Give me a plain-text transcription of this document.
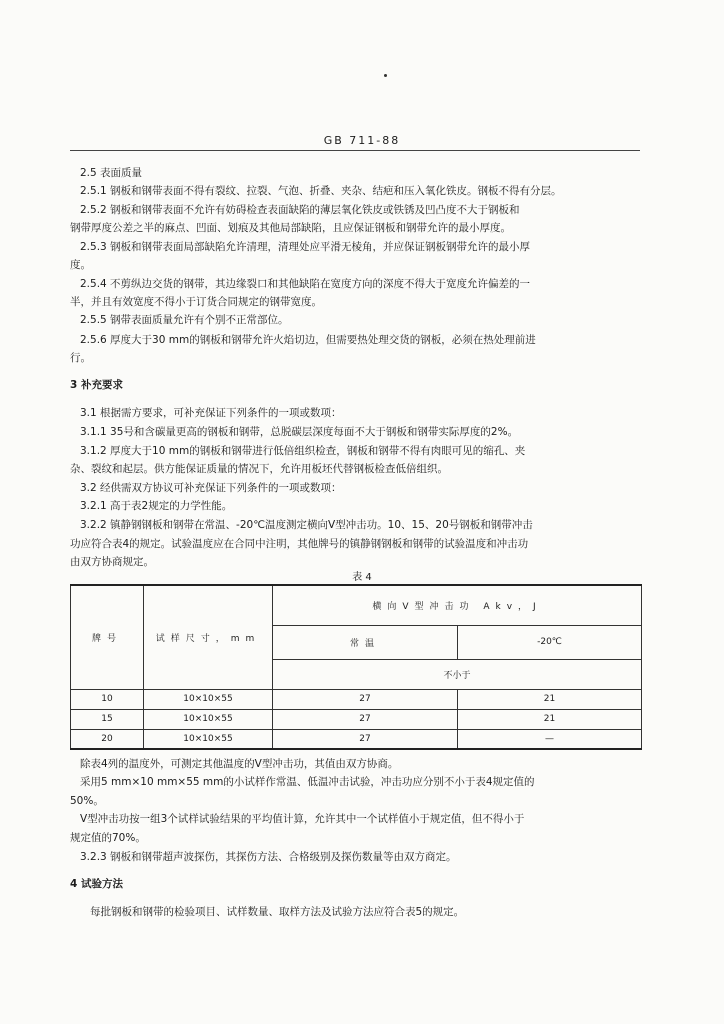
GB 711-88
2.5 表面质量
2.5.1 钢板和钢带表面不得有裂纹、拉裂、气泡、折叠、夹杂、结疤和压入氧化铁皮。钢板不得有分层。
2.5.2 钢板和钢带表面不允许有妨碍检查表面缺陷的薄层氧化铁皮或铁锈及凹凸度不大于钢板和
钢带厚度公差之半的麻点、凹面、划痕及其他局部缺陷，且应保证钢板和钢带允许的最小厚度。
2.5.3 钢板和钢带表面局部缺陷允许清理，清理处应平滑无棱角，并应保证钢板钢带允许的最小厚
度。
2.5.4 不剪纵边交货的钢带，其边缘裂口和其他缺陷在宽度方向的深度不得大于宽度允许偏差的一
半，并且有效宽度不得小于订货合同规定的钢带宽度。
2.5.5 钢带表面质量允许有个别不正常部位。
2.5.6 厚度大于30 mm的钢板和钢带允许火焰切边，但需要热处理交货的钢板，必须在热处理前进
行。
3 补充要求
3.1 根据需方要求，可补充保证下列条件的一项或数项：
3.1.1 35号和含碳量更高的钢板和钢带，总脱碳层深度每面不大于钢板和钢带实际厚度的2%。
3.1.2 厚度大于10 mm的钢板和钢带进行低倍组织检查，钢板和钢带不得有肉眼可见的缩孔、夹
杂、裂纹和起层。供方能保证质量的情况下，允许用板坯代替钢板检查低倍组织。
3.2 经供需双方协议可补充保证下列条件的一项或数项：
3.2.1 高于表2规定的力学性能。
3.2.2 镇静钢钢板和钢带在常温、-20℃温度测定横向V型冲击功。10、15、20号钢板和钢带冲击
功应符合表4的规定。试验温度应在合同中注明，其他牌号的镇静钢钢板和钢带的试验温度和冲击功
由双方协商规定。
除表4列的温度外，可测定其他温度的V型冲击功，其值由双方协商。
采用5 mm×10 mm×55 mm的小试样作常温、低温冲击试验，冲击功应分别不小于表4规定值的
50%。
V型冲击功按一组3个试样试验结果的平均值计算，允许其中一个试样值小于规定值，但不得小于
规定值的70%。
3.2.3 钢板和钢带超声波探伤，其探伤方法、合格级别及探伤数量等由双方商定。
4 试验方法
每批钢板和钢带的检验项目、试样数量、取样方法及试验方法应符合表5的规定。
表 4
牌号	试样尺寸，mm	横向V型冲击功 Akv，J	
		常温	-20℃
		不小于	
10	10×10×55	27	21
15	10×10×55	27	21
20	10×10×55	27	—
